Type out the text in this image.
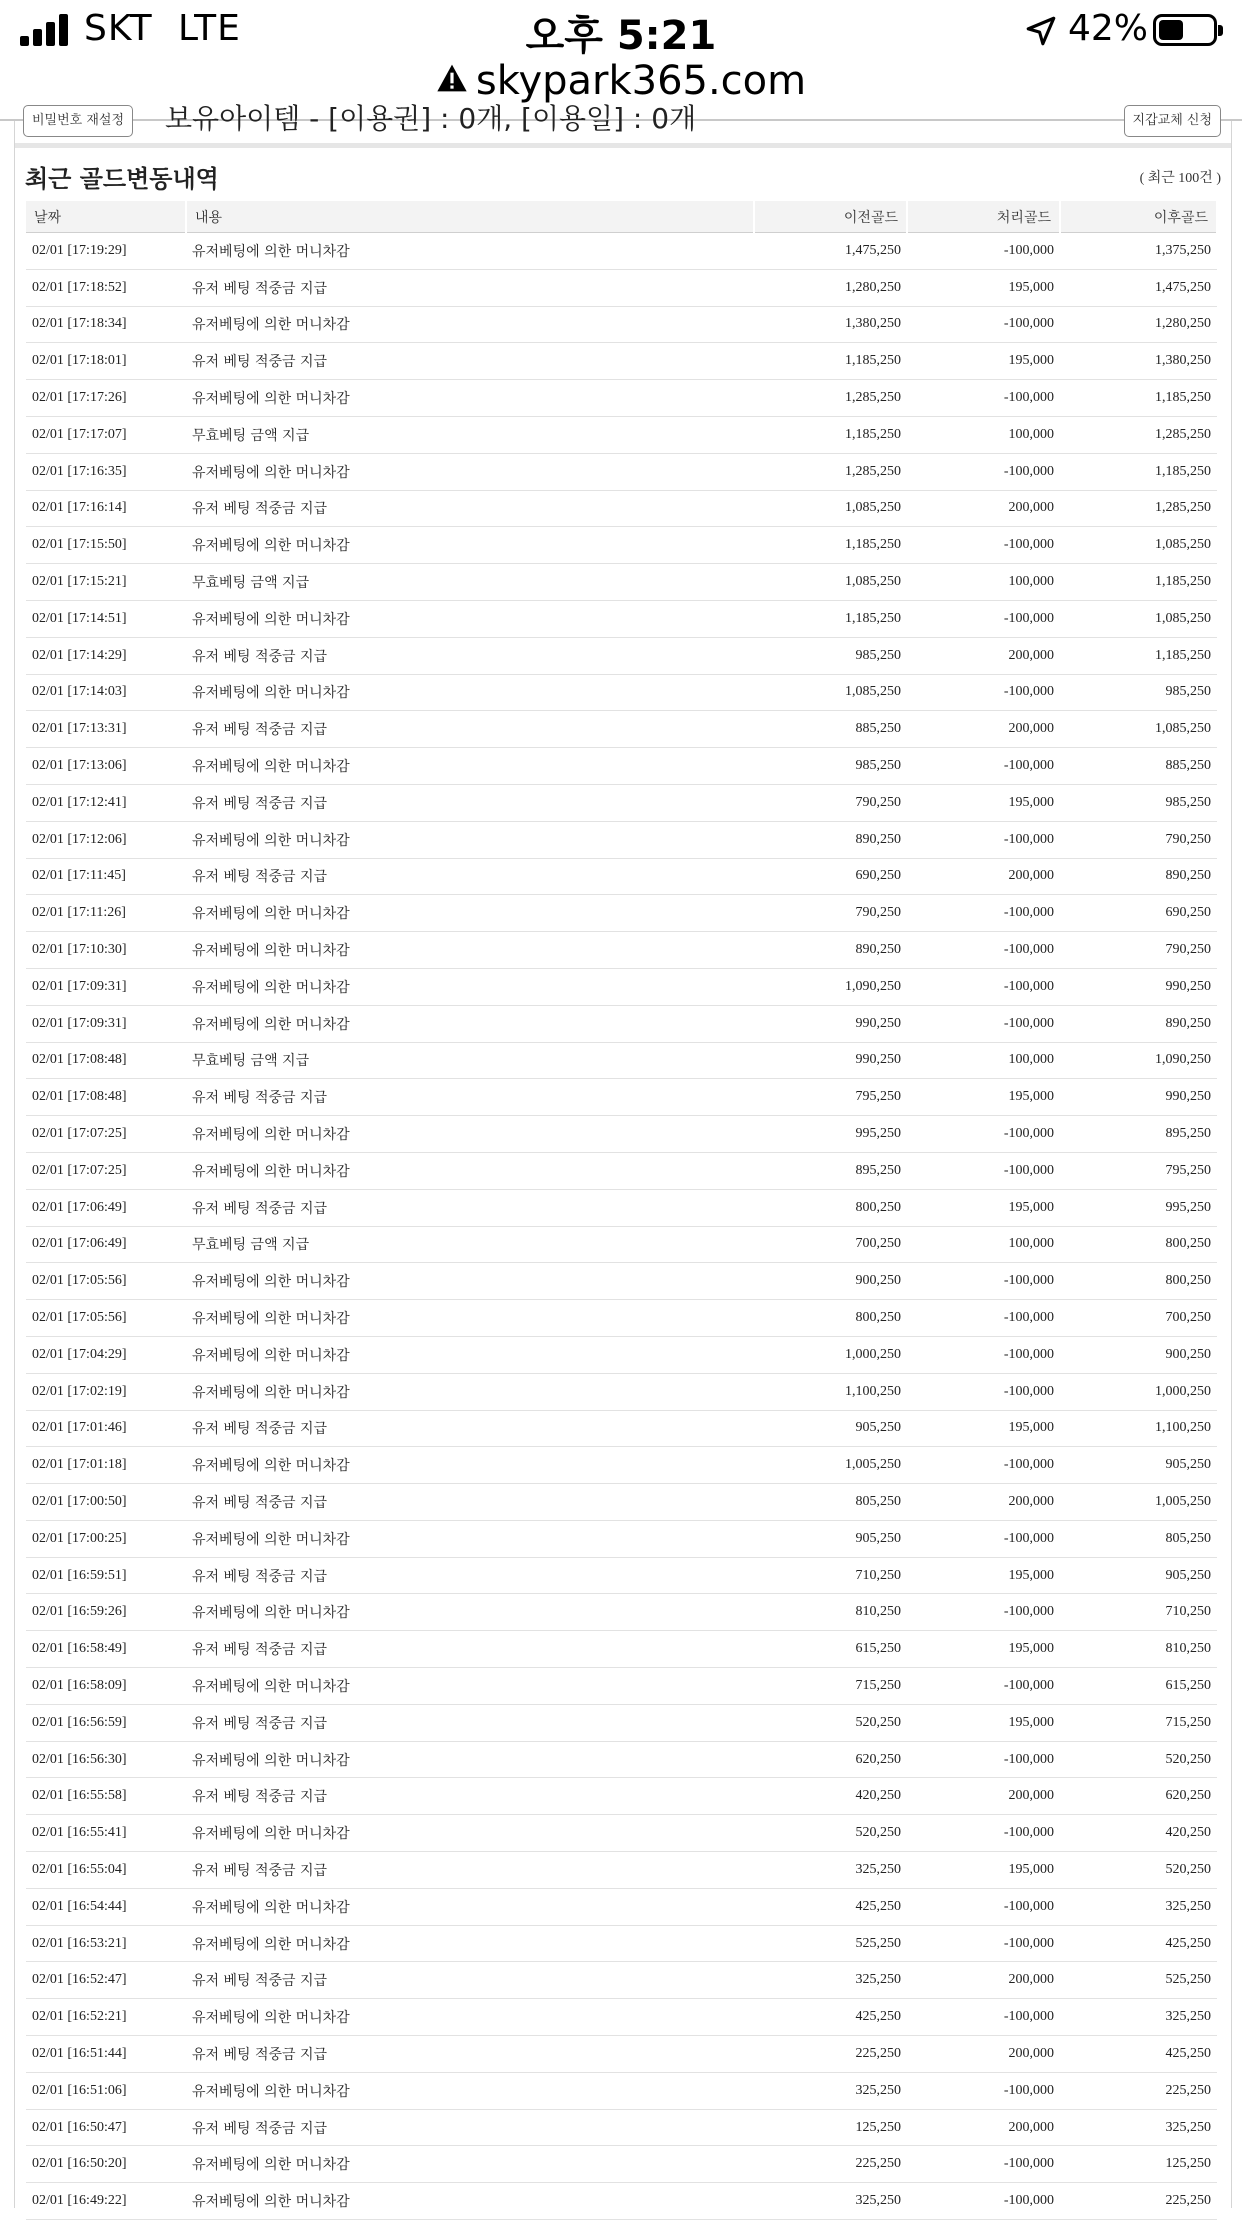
SKT LTE	오후 5:21	42%
skypark365.com
비밀번호 재설정	보유아이템 - [이용권] : 0개, [이용일] : 0개	지갑교체 신청
최근 골드변동내역	( 최근 100건 )
날짜	내용	이전골드	처리골드	이후골드
02/01 [17:19:29]	유저베팅에 의한 머니차감	1,475,250	-100,000	1,375,250
02/01 [17:18:52]	유저 베팅 적중금 지급	1,280,250	195,000	1,475,250
02/01 [17:18:34]	유저베팅에 의한 머니차감	1,380,250	-100,000	1,280,250
02/01 [17:18:01]	유저 베팅 적중금 지급	1,185,250	195,000	1,380,250
02/01 [17:17:26]	유저베팅에 의한 머니차감	1,285,250	-100,000	1,185,250
02/01 [17:17:07]	무효베팅 금액 지급	1,185,250	100,000	1,285,250
02/01 [17:16:35]	유저베팅에 의한 머니차감	1,285,250	-100,000	1,185,250
02/01 [17:16:14]	유저 베팅 적중금 지급	1,085,250	200,000	1,285,250
02/01 [17:15:50]	유저베팅에 의한 머니차감	1,185,250	-100,000	1,085,250
02/01 [17:15:21]	무효베팅 금액 지급	1,085,250	100,000	1,185,250
02/01 [17:14:51]	유저베팅에 의한 머니차감	1,185,250	-100,000	1,085,250
02/01 [17:14:29]	유저 베팅 적중금 지급	985,250	200,000	1,185,250
02/01 [17:14:03]	유저베팅에 의한 머니차감	1,085,250	-100,000	985,250
02/01 [17:13:31]	유저 베팅 적중금 지급	885,250	200,000	1,085,250
02/01 [17:13:06]	유저베팅에 의한 머니차감	985,250	-100,000	885,250
02/01 [17:12:41]	유저 베팅 적중금 지급	790,250	195,000	985,250
02/01 [17:12:06]	유저베팅에 의한 머니차감	890,250	-100,000	790,250
02/01 [17:11:45]	유저 베팅 적중금 지급	690,250	200,000	890,250
02/01 [17:11:26]	유저베팅에 의한 머니차감	790,250	-100,000	690,250
02/01 [17:10:30]	유저베팅에 의한 머니차감	890,250	-100,000	790,250
02/01 [17:09:31]	유저베팅에 의한 머니차감	1,090,250	-100,000	990,250
02/01 [17:09:31]	유저베팅에 의한 머니차감	990,250	-100,000	890,250
02/01 [17:08:48]	무효베팅 금액 지급	990,250	100,000	1,090,250
02/01 [17:08:48]	유저 베팅 적중금 지급	795,250	195,000	990,250
02/01 [17:07:25]	유저베팅에 의한 머니차감	995,250	-100,000	895,250
02/01 [17:07:25]	유저베팅에 의한 머니차감	895,250	-100,000	795,250
02/01 [17:06:49]	유저 베팅 적중금 지급	800,250	195,000	995,250
02/01 [17:06:49]	무효베팅 금액 지급	700,250	100,000	800,250
02/01 [17:05:56]	유저베팅에 의한 머니차감	900,250	-100,000	800,250
02/01 [17:05:56]	유저베팅에 의한 머니차감	800,250	-100,000	700,250
02/01 [17:04:29]	유저베팅에 의한 머니차감	1,000,250	-100,000	900,250
02/01 [17:02:19]	유저베팅에 의한 머니차감	1,100,250	-100,000	1,000,250
02/01 [17:01:46]	유저 베팅 적중금 지급	905,250	195,000	1,100,250
02/01 [17:01:18]	유저베팅에 의한 머니차감	1,005,250	-100,000	905,250
02/01 [17:00:50]	유저 베팅 적중금 지급	805,250	200,000	1,005,250
02/01 [17:00:25]	유저베팅에 의한 머니차감	905,250	-100,000	805,250
02/01 [16:59:51]	유저 베팅 적중금 지급	710,250	195,000	905,250
02/01 [16:59:26]	유저베팅에 의한 머니차감	810,250	-100,000	710,250
02/01 [16:58:49]	유저 베팅 적중금 지급	615,250	195,000	810,250
02/01 [16:58:09]	유저베팅에 의한 머니차감	715,250	-100,000	615,250
02/01 [16:56:59]	유저 베팅 적중금 지급	520,250	195,000	715,250
02/01 [16:56:30]	유저베팅에 의한 머니차감	620,250	-100,000	520,250
02/01 [16:55:58]	유저 베팅 적중금 지급	420,250	200,000	620,250
02/01 [16:55:41]	유저베팅에 의한 머니차감	520,250	-100,000	420,250
02/01 [16:55:04]	유저 베팅 적중금 지급	325,250	195,000	520,250
02/01 [16:54:44]	유저베팅에 의한 머니차감	425,250	-100,000	325,250
02/01 [16:53:21]	유저베팅에 의한 머니차감	525,250	-100,000	425,250
02/01 [16:52:47]	유저 베팅 적중금 지급	325,250	200,000	525,250
02/01 [16:52:21]	유저베팅에 의한 머니차감	425,250	-100,000	325,250
02/01 [16:51:44]	유저 베팅 적중금 지급	225,250	200,000	425,250
02/01 [16:51:06]	유저베팅에 의한 머니차감	325,250	-100,000	225,250
02/01 [16:50:47]	유저 베팅 적중금 지급	125,250	200,000	325,250
02/01 [16:50:20]	유저베팅에 의한 머니차감	225,250	-100,000	125,250
02/01 [16:49:22]	유저베팅에 의한 머니차감	325,250	-100,000	225,250
